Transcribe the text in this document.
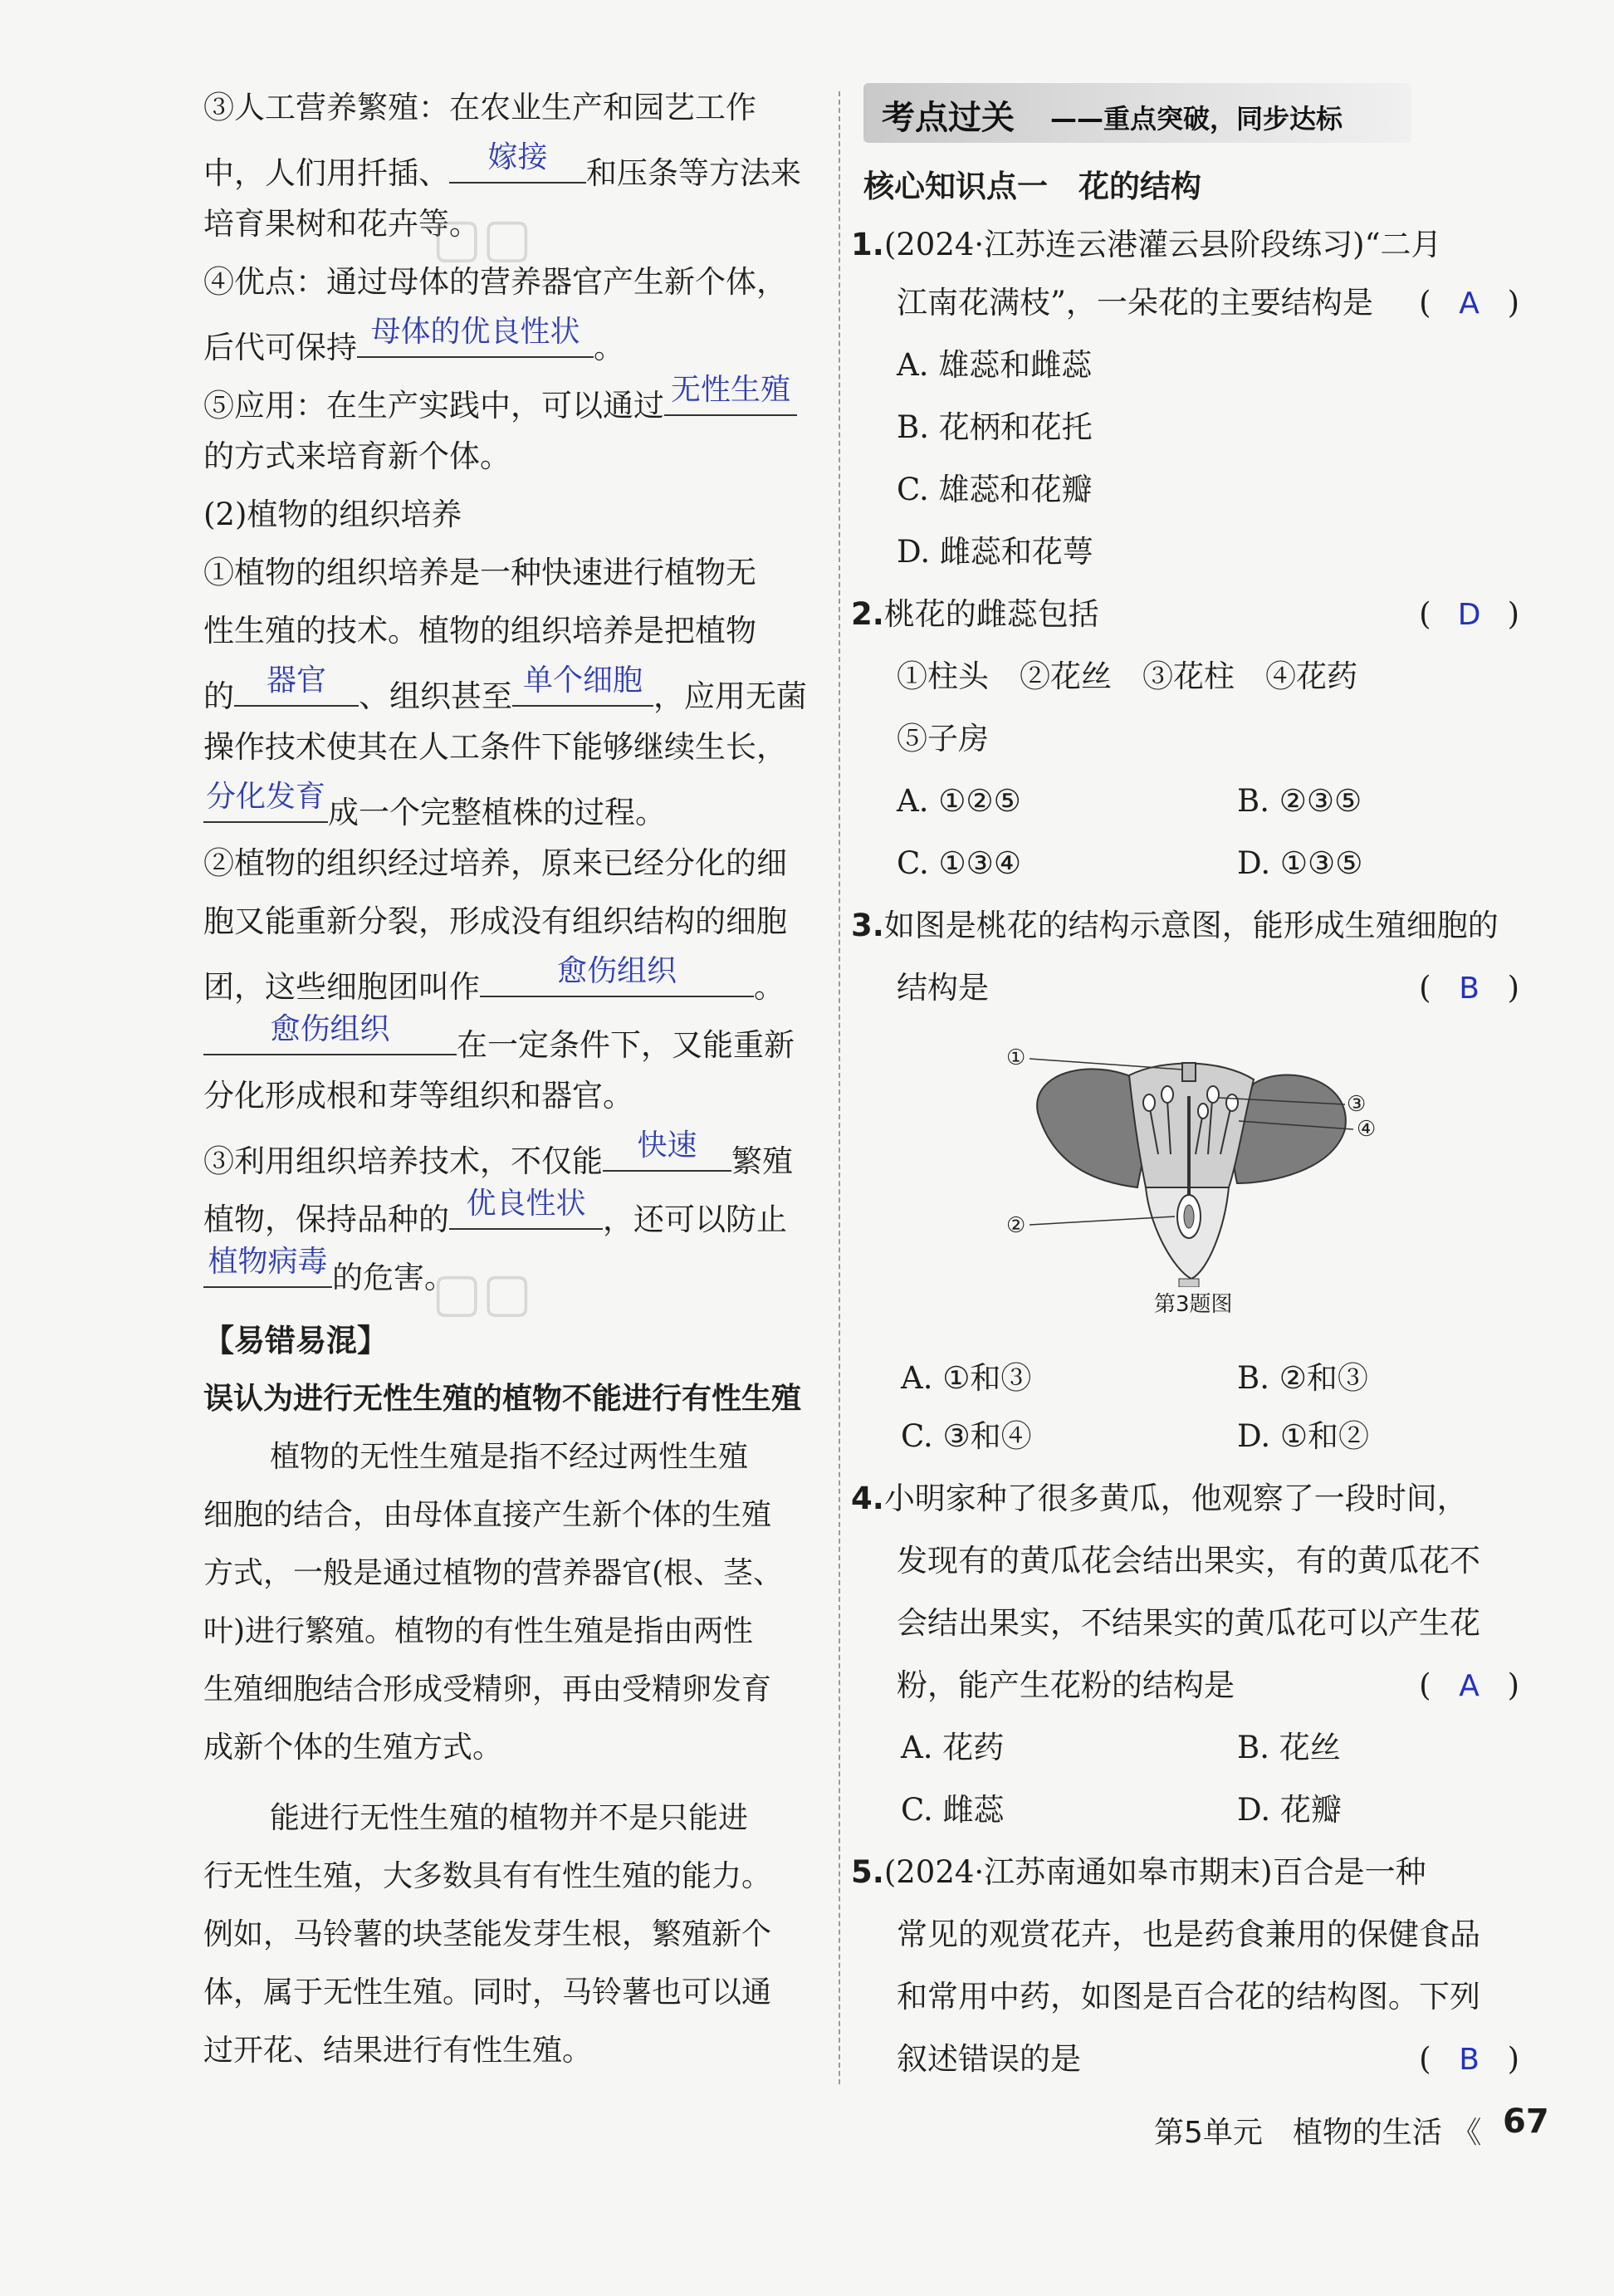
③人工营养繁殖：在农业生产和园艺工作
中，人们用扦插、	嫁接	和压条等方法来
培育果树和花卉等。
④优点：通过母体的营养器官产生新个体，
后代可保持 母体的优良性状 。
⑤应用：在生产实践中，可以通过 无性生殖
的方式来培育新个体。
(2)植物的组织培养
①植物的组织培养是一种快速进行植物无
性生殖的技术。植物的组织培养是把植物
的	器官	、组织甚至 单个细胞 ，应用无菌
操作技术使其在人工条件下能够继续生长，
分化发育 成一个完整植株的过程。
②植物的组织经过培养，原来已经分化的细
胞又能重新分裂，形成没有组织结构的细胞
团，这些细胞团叫作	愈伤组织	。
愈伤组织	在一定条件下，又能重新
分化形成根和芽等组织和器官。
③利用组织培养技术，不仅能	快速	繁殖
植物，保持品种的 优良性状 ，还可以防止
植物病毒 的危害。
【易错易混】
误认为进行无性生殖的植物不能进行有性生殖
植物的无性生殖是指不经过两性生殖
细胞的结合，由母体直接产生新个体的生殖
方式，一般是通过植物的营养器官(根、茎、
叶)进行繁殖。植物的有性生殖是指由两性
生殖细胞结合形成受精卵，再由受精卵发育
成新个体的生殖方式。
能进行无性生殖的植物并不是只能进
行无性生殖，大多数具有有性生殖的能力。
例如，马铃薯的块茎能发芽生根，繁殖新个
体，属于无性生殖。同时，马铃薯也可以通
过开花、结果进行有性生殖。
考点过关 ——重点突破，同步达标
核心知识点一　花的结构
1.(2024·江苏连云港灌云县阶段练习)“二月
江南花满枝”，一朵花的主要结构是 ( A )
A. 雄蕊和雌蕊
B. 花柄和花托
C. 雄蕊和花瓣
D. 雌蕊和花萼
2.桃花的雌蕊包括	( D )
①柱头　②花丝　③花柱　④花药
⑤子房
A. ①②⑤	B. ②③⑤
C. ①③④	D. ①③⑤
3.如图是桃花的结构示意图，能形成生殖细胞的
结构是	( B )
A. ①和③	B. ②和③
C. ③和④	D. ①和②
4.小明家种了很多黄瓜，他观察了一段时间，
发现有的黄瓜花会结出果实，有的黄瓜花不
会结出果实，不结果实的黄瓜花可以产生花
粉，能产生花粉的结构是	( A )
A. 花药	B. 花丝
C. 雌蕊	D. 花瓣
5.(2024·江苏南通如皋市期末)百合是一种
常见的观赏花卉，也是药食兼用的保健食品
和常用中药，如图是百合花的结构图。下列
叙述错误的是	( B )
①
②
③
④
第3题图
第5单元　植物的生活 《 67
▢▢
▢▢
